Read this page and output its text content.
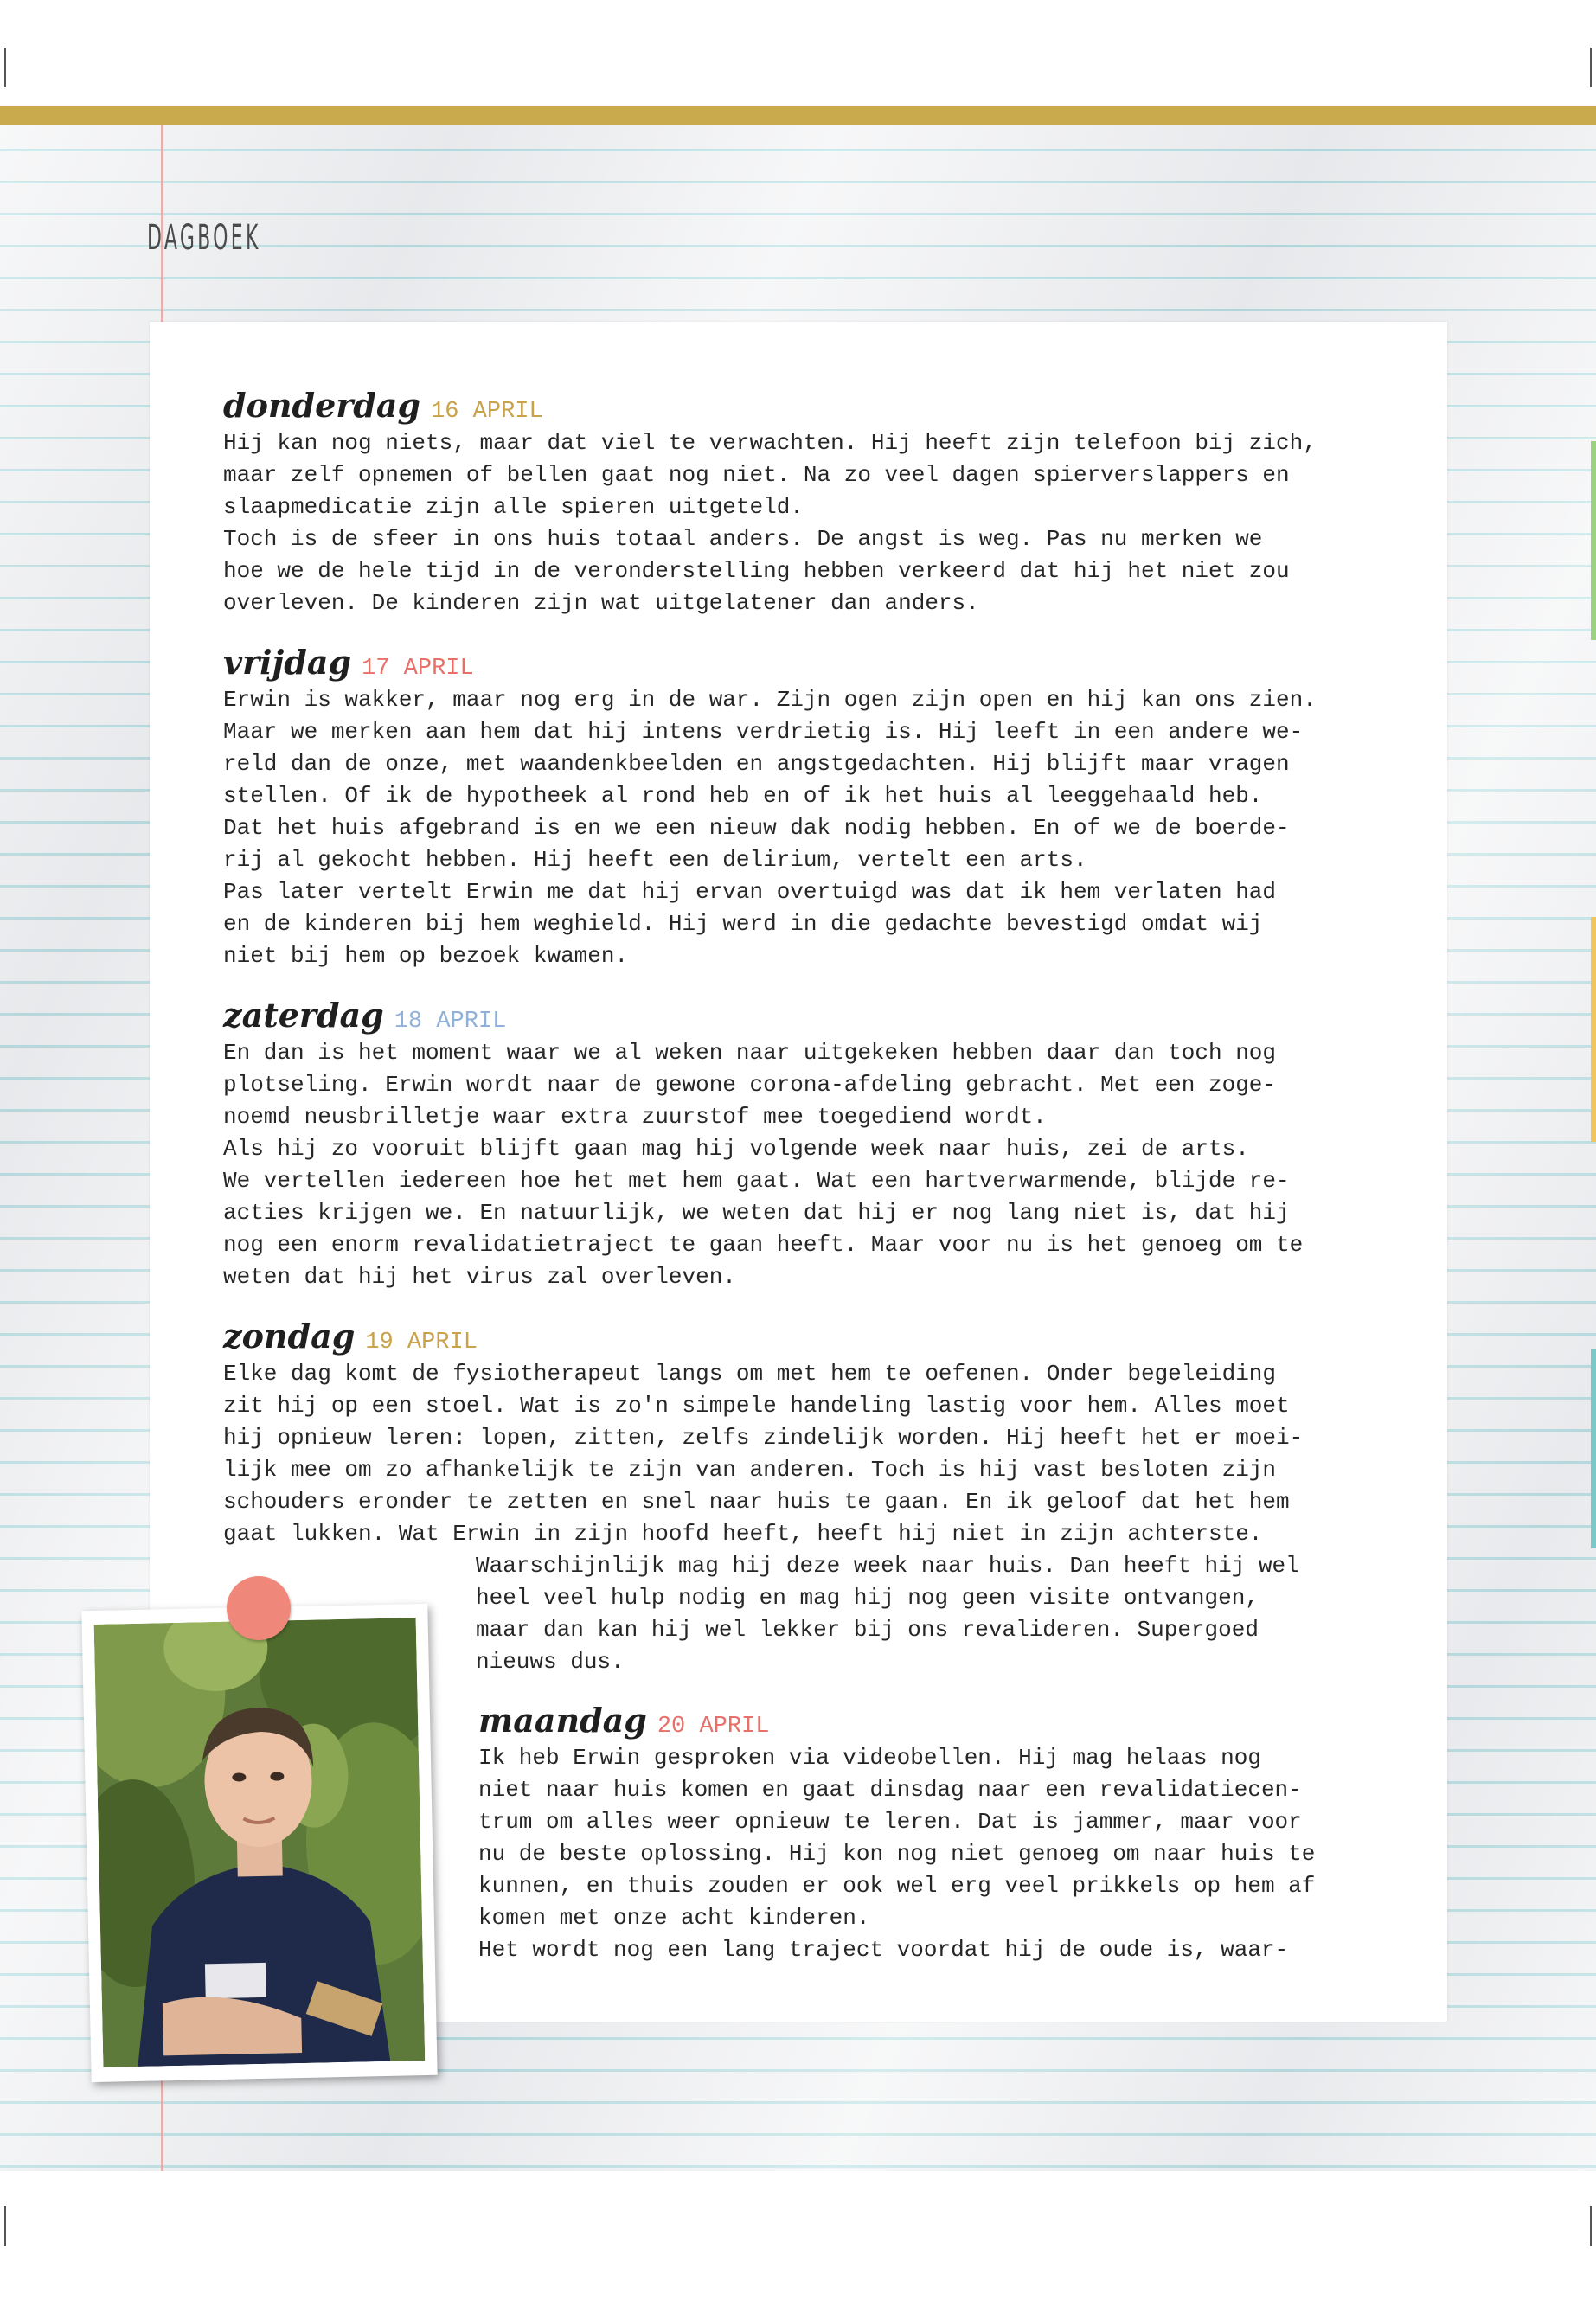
DAGBOEK
donderdag 16 APRIL
Hij kan nog niets, maar dat viel te verwachten. Hij heeft zijn telefoon bij zich,
maar zelf opnemen of bellen gaat nog niet. Na zo veel dagen spierverslappers en
slaapmedicatie zijn alle spieren uitgeteld.
Toch is de sfeer in ons huis totaal anders. De angst is weg. Pas nu merken we
hoe we de hele tijd in de veronderstelling hebben verkeerd dat hij het niet zou
overleven. De kinderen zijn wat uitgelatener dan anders.
vrijdag 17 APRIL
Erwin is wakker, maar nog erg in de war. Zijn ogen zijn open en hij kan ons zien.
Maar we merken aan hem dat hij intens verdrietig is. Hij leeft in een andere we-
reld dan de onze, met waandenkbeelden en angstgedachten. Hij blijft maar vragen
stellen. Of ik de hypotheek al rond heb en of ik het huis al leeggehaald heb.
Dat het huis afgebrand is en we een nieuw dak nodig hebben. En of we de boerde-
rij al gekocht hebben. Hij heeft een delirium, vertelt een arts.
Pas later vertelt Erwin me dat hij ervan overtuigd was dat ik hem verlaten had
en de kinderen bij hem weghield. Hij werd in die gedachte bevestigd omdat wij
niet bij hem op bezoek kwamen.
zaterdag 18 APRIL
En dan is het moment waar we al weken naar uitgekeken hebben daar dan toch nog
plotseling. Erwin wordt naar de gewone corona-afdeling gebracht. Met een zoge-
noemd neusbrilletje waar extra zuurstof mee toegediend wordt.
Als hij zo vooruit blijft gaan mag hij volgende week naar huis, zei de arts.
We vertellen iedereen hoe het met hem gaat. Wat een hartverwarmende, blijde re-
acties krijgen we. En natuurlijk, we weten dat hij er nog lang niet is, dat hij
nog een enorm revalidatietraject te gaan heeft. Maar voor nu is het genoeg om te
weten dat hij het virus zal overleven.
zondag 19 APRIL
Elke dag komt de fysiotherapeut langs om met hem te oefenen. Onder begeleiding
zit hij op een stoel. Wat is zo'n simpele handeling lastig voor hem. Alles moet
hij opnieuw leren: lopen, zitten, zelfs zindelijk worden. Hij heeft het er moei-
lijk mee om zo afhankelijk te zijn van anderen. Toch is hij vast besloten zijn
schouders eronder te zetten en snel naar huis te gaan. En ik geloof dat het hem
gaat lukken. Wat Erwin in zijn hoofd heeft, heeft hij niet in zijn achterste.
Waarschijnlijk mag hij deze week naar huis. Dan heeft hij wel
heel veel hulp nodig en mag hij nog geen visite ontvangen,
maar dan kan hij wel lekker bij ons revalideren. Supergoed
nieuws dus.
maandag 20 APRIL
Ik heb Erwin gesproken via videobellen. Hij mag helaas nog
niet naar huis komen en gaat dinsdag naar een revalidatiecen-
trum om alles weer opnieuw te leren. Dat is jammer, maar voor
nu de beste oplossing. Hij kon nog niet genoeg om naar huis te
kunnen, en thuis zouden er ook wel erg veel prikkels op hem af
komen met onze acht kinderen.
Het wordt nog een lang traject voordat hij de oude is, waar-
